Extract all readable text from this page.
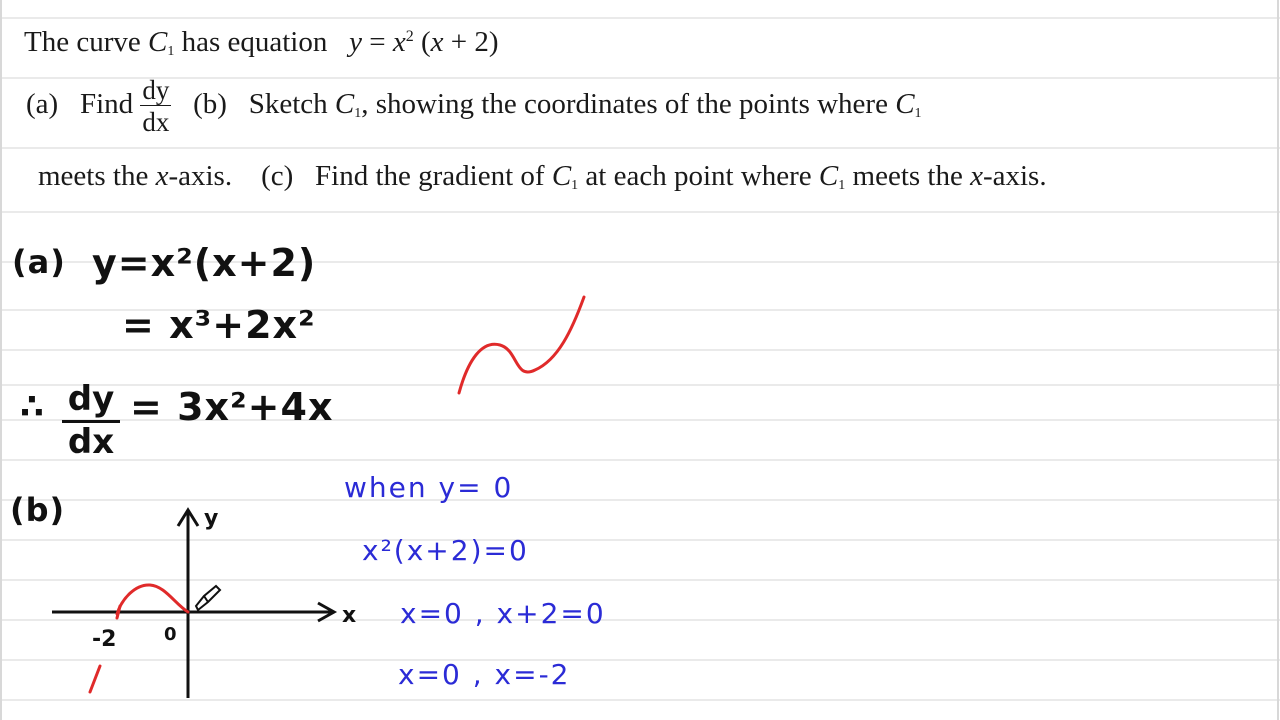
The curve $C_1$ has equation $y = x^2$ (x + 2)
(a) Find $\frac{dy}{dx} (b)$ Sketch $C_1$, showing the coordinates of the points where $C_1$
meets the x-axis. (c) Find the gradient of $C_1$ at each point where $C_1$ meets the x-axis.
(a) y=x²(x+2)
= x³+2x²
∴ $\frac{dy}{dx} = 3x^2+4x$
(b)
when y= 0
x²(x+2)=0
x=0 , x+2=0
x=0 , x=-2
y
x
-2	0
